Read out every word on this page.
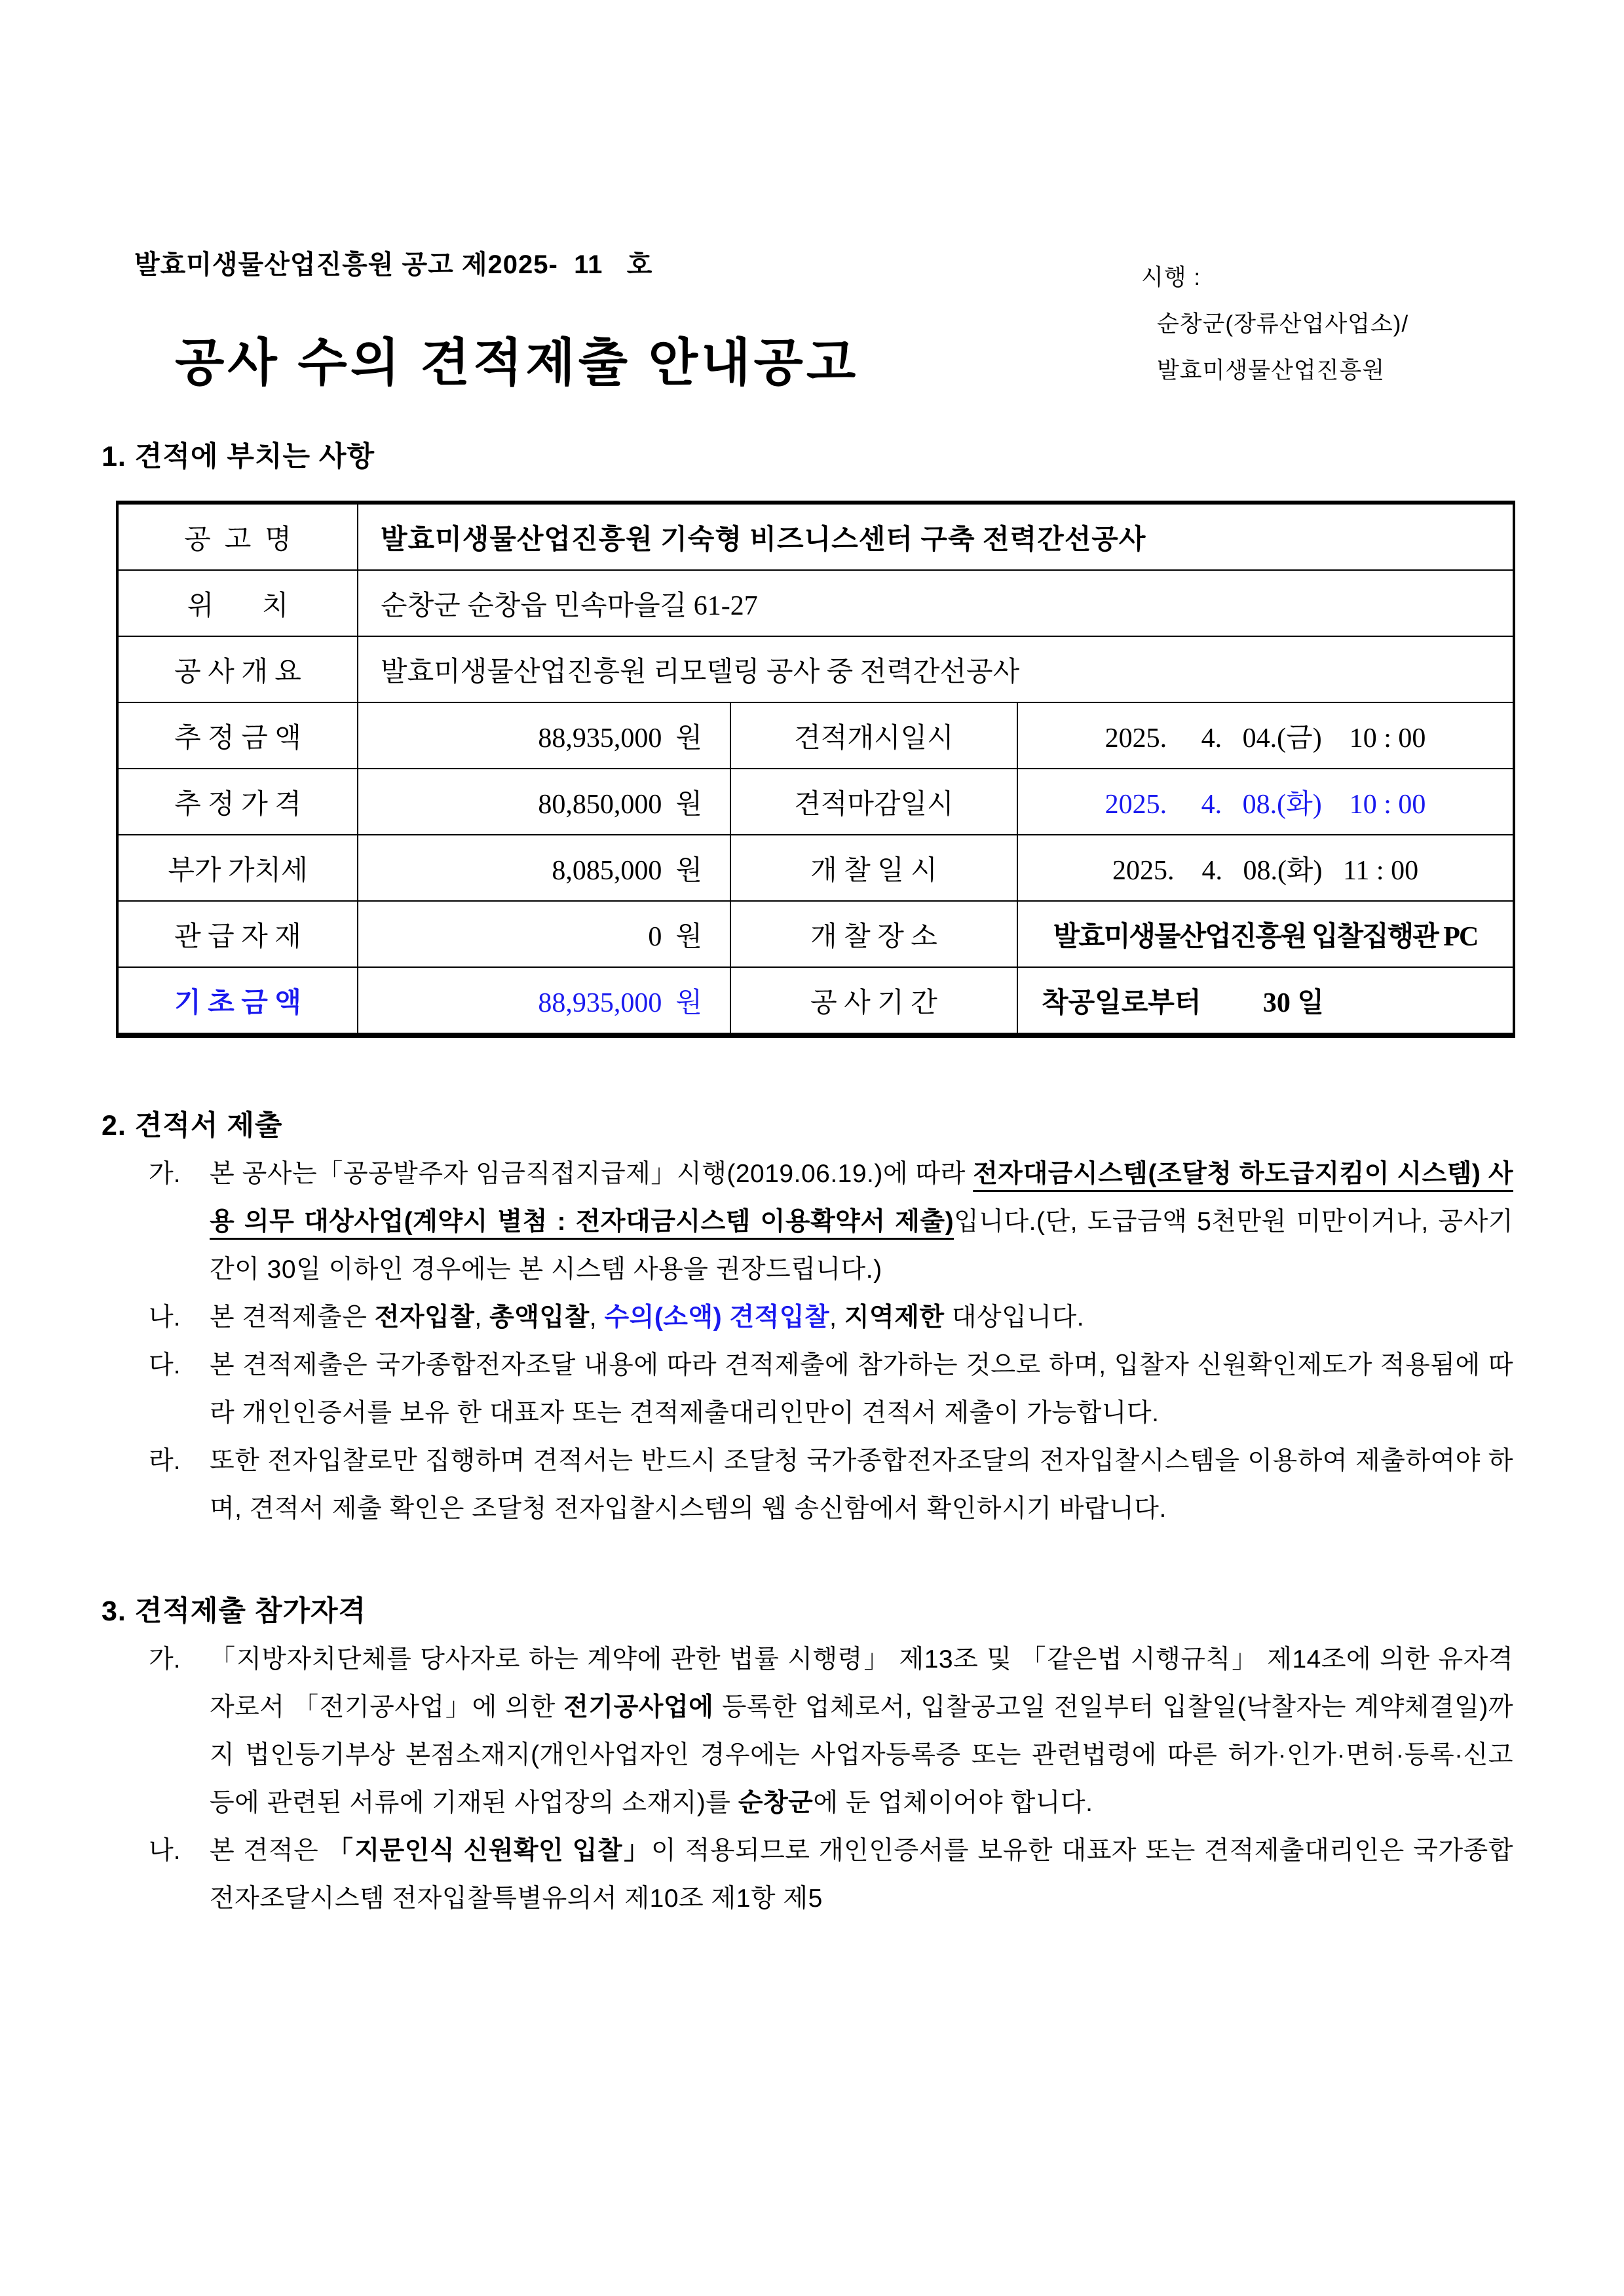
발효미생물산업진흥원 공고 제2025-  11   호	시행 :
순창군(장류산업사업소)/
발효미생물산업진흥원
공사 수의 견적제출 안내공고
1. 견적에 부치는 사항
공  고  명	발효미생물산업진흥원 기숙형 비즈니스센터 구축 전력간선공사		
위       치	순창군 순창읍 민속마을길 61-27		
공 사 개 요	발효미생물산업진흥원 리모델링 공사 중 전력간선공사		
추 정 금 액	88,935,000  원	견적개시일시	2025.     4.   04.(금)    10 : 00
추 정 가 격	80,850,000  원	견적마감일시	2025.     4.   08.(화)    10 : 00
부가 가치세	8,085,000  원	개 찰 일 시	2025.    4.   08.(화)   11 : 00
관 급 자 재	0  원	개 찰 장 소	발효미생물산업진흥원 입찰집행관 PC
기 초 금 액	88,935,000  원	공 사 기 간	착공일로부터         30 일
2. 견적서 제출
가.	본 공사는「공공발주자 임금직접지급제」시행(2019.06.19.)에 따라 전자대금시스템(조달청 하도급지킴이 시스템) 사용 의무 대상사업(계약시 별첨 : 전자대금시스템 이용확약서 제출)입니다.(단, 도급금액 5천만원 미만이거나, 공사기간이 30일 이하인 경우에는 본 시스템 사용을 권장드립니다.)
나.	본 견적제출은 전자입찰, 총액입찰, 수의(소액) 견적입찰, 지역제한 대상입니다.
다.	본 견적제출은 국가종합전자조달 내용에 따라 견적제출에 참가하는 것으로 하며, 입찰자 신원확인제도가 적용됨에 따라 개인인증서를 보유 한 대표자 또는 견적제출대리인만이 견적서 제출이 가능합니다.
라.	또한 전자입찰로만 집행하며 견적서는 반드시 조달청 국가종합전자조달의 전자입찰시스템을 이용하여 제출하여야 하며, 견적서 제출 확인은 조달청 전자입찰시스템의 웹 송신함에서 확인하시기 바랍니다.
3. 견적제출 참가자격
가.	「지방자치단체를 당사자로 하는 계약에 관한 법률 시행령」 제13조 및 「같은법 시행규칙」 제14조에 의한 유자격자로서 「전기공사업」에 의한 전기공사업에 등록한 업체로서, 입찰공고일 전일부터 입찰일(낙찰자는 계약체결일)까지 법인등기부상 본점소재지(개인사업자인 경우에는 사업자등록증 또는 관련법령에 따른 허가·인가·면허·등록·신고 등에 관련된 서류에 기재된 사업장의 소재지)를 순창군에 둔 업체이어야 합니다.
나.	본 견적은 「지문인식 신원확인 입찰」이 적용되므로 개인인증서를 보유한 대표자 또는 견적제출대리인은 국가종합전자조달시스템 전자입찰특별유의서 제10조 제1항 제5
